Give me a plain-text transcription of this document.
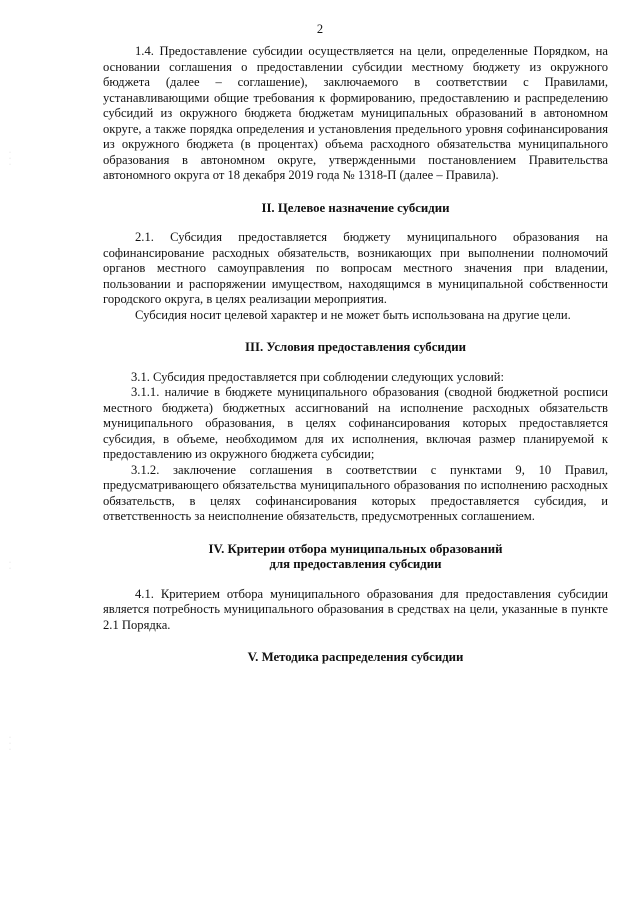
·
·
·
·
·
·
·
·
2

1.4. Предоставление субсидии осуществляется на цели, определенные Порядком, на основании соглашения о предоставлении субсидии местному бюджету из окружного бюджета (далее – соглашение), заключаемого в соответствии с Правилами, устанавливающими общие требования к формированию, предоставлению и распределению субсидий из окружного бюджета бюджетам муниципальных образований в автономном округе, а также порядка определения и установления предельного уровня софинансирования из окружного бюджета (в процентах) объема расходного обязательства муниципального образования в автономном округе, утвержденными постановлением Правительства автономного округа от 18 декабря 2019 года № 1318-П (далее – Правила).

II. Целевое назначение субсидии

2.1. Субсидия предоставляется бюджету муниципального образования на софинансирование расходных обязательств, возникающих при выполнении полномочий органов местного самоуправления по вопросам местного значения при владении, пользовании и распоряжении имуществом, находящимся в муниципальной собственности городского округа, в целях реализации мероприятия.

Субсидия носит целевой характер и не может быть использована на другие цели.

III. Условия предоставления субсидии

3.1. Субсидия предоставляется при соблюдении следующих условий:

3.1.1. наличие в бюджете муниципального образования (сводной бюджетной росписи местного бюджета) бюджетных ассигнований на исполнение расходных обязательств муниципального образования, в целях софинансирования которых предоставляется субсидия, в объеме, необходимом для их исполнения, включая размер планируемой к предоставлению из окружного бюджета субсидии;

3.1.2. заключение соглашения в соответствии с пунктами 9, 10 Правил, предусматривающего обязательства муниципального образования по исполнению расходных обязательств, в целях софинансирования которых предоставляется субсидия, и ответственность за неисполнение обязательств, предусмотренных соглашением.

IV. Критерии отбора муниципальных образований
для предоставления субсидии

4.1. Критерием отбора муниципального образования для предоставления субсидии является потребность муниципального образования в средствах на цели, указанные в пункте 2.1 Порядка.

V. Методика распределения субсидии
